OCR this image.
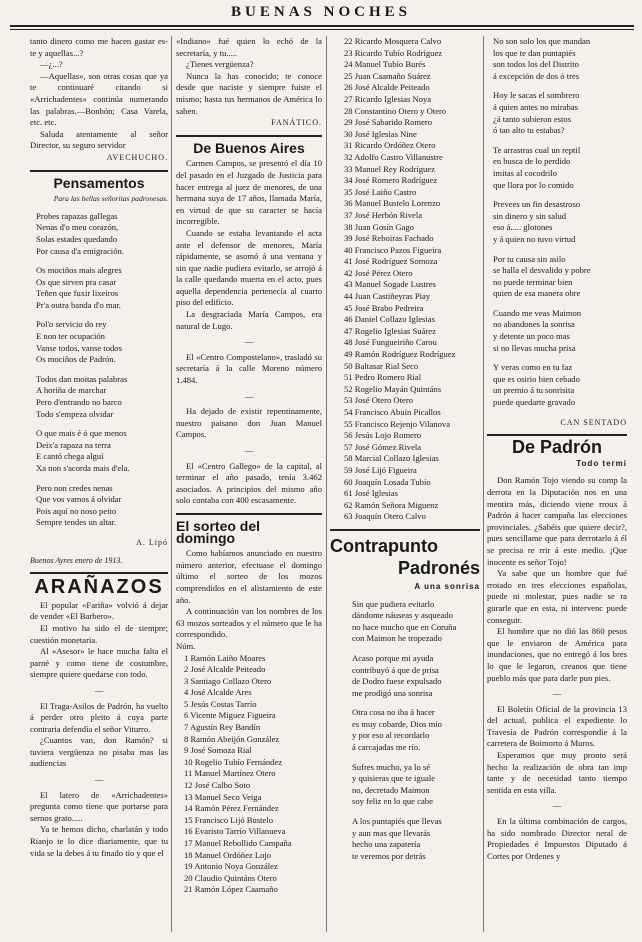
BUENAS NOCHES

tanto dinero como me hacen gastar es-te y aquellas...?

—¿...?

—Aquellas», son otras cosas que ya te continuaré citando si «Arrichadentes» continúa numerando las palabras.—Bonbón; Casa Varela, etc. etc.

Saluda atentamente al señor Director, su seguro servidor

AVECHUCHO.
Pensamentos
Para las bellas señoritas padronesas.
Probes rapazas gallegas
Nenas d'o meu corazón,
Solas estades quedando
Por causa d'a emigración.
Os mociños mais alegres
Os que sirven pra casar
Teñen que fuxir lixeiros
Pr'a outra banda d'o mar.
Pol'o servicio do rey
E non ter ocupación
Vanse todos, vanse todos
Os mociños de Padrón.
Todos dan moitas palabras
A horiña de marchar
Pero d'entrando no barco
Todo s'empeza olvidar
O que mais é ó que menos
Deix'a rapaza na terra
E cantó chega alguí
Xa non s'acorda mais d'ela.
Pero non credes nenas
Que vos vamos á olvidar
Pois aquí no noso peito
Sempre tendes un altar.
A. Lipó
Buenos Ayres enero de 1913.
ARAÑAZOS

El popular «Fariña» volvió á dejar de vender «El Barbero».

El motivo ha sido el de siempre; cuestión monetaria.

Al «Asesor» le hace mucha falta el parné y como tiene de costumbre, siempre quiere quedarse con todo.

—

El Traga-Asilos de Padrón, ha vuelto á perder otro pleito á cuya parte contraria defendía el señor Viturro.

¿Cuantos van, don Ramón? si tuviera vergüenza no pisaba mas las audiencias

—

El latero de «Arrichadentes» pregunta como tiene que portarse para sernos grato.....

Ya te hemos dicho, charlatán y todo Rianjo te lo dice diariamente, que tu vida se la debes á tu finado tío y que el

«Indiano» fué quien lo echó de la secretaría, y tu.....

¿Tienes vergüenza?

Nunca la has conocido; te conoce desde que naciste y siempre fuiste el mismo; hasta tus hermanos de América lo saben.

FANÁTICO.
De Buenos Aires

Carmen Campos, se presentó el día 10 del pasado en el Juzgado de Justicia para hacer entrega al juez de menores, de una hermana suya de 17 años, llamada María, en virtud de que su caracter se hacía incorregible.

Cuando se estaba levantando el acta ante el defensor de menores, María rápidamente, se asomó á una ventana y sin que nadie pudiera evitarlo, se arrojó á la calle quedando muerta en el acto, pues aquella dependencia pertenecía al cuarto piso del edificio.

La desgraciada María Campos, era natural de Lugo.

—

El «Centro Compostelano», trasladó su secretaría á la calle Moreno número 1.484.

—

Ha dejado de existir repentinamente, nuestro paisano don Juan Manuel Campos.

—

El «Centro Gallego» de la capital, al terminar el año pasado, tenía 3.462 asociados. A principios del mismo año solo contaba con 400 escasamente.

El sorteo del domingo

Como habíamos anunciado en nuestro número anterior, efectuase el domingo último el sorteo de los mozos comprendidos en el alistamiento de este año.

A continuación van los nombres de los 63 mozos sorteados y el número que le ha correspondido.

Núm.
1 Ramón Laiño Moares
2 José Alcalde Peiteado
3 Santiago Collazo Otero
4 José Alcalde Ares
5 Jesús Costas Tarrío
6 Vicente Miguez Figueira
7 Agustín Rey Bandín
8 Ramón Abeijón González
9 José Somoza Rial
10 Rogelio Tubío Fernández
11 Manuel Martínez Otero
12 José Calbo Soto
13 Manuel Seco Veiga
14 Ramón Pérez Fernández
15 Francisco Lijó Bustelo
16 Evaristo Tarrío Villanueva
17 Manuel Rebollido Campaña
18 Manuel Ordóñez Lojo
19 Antonio Noya González
20 Claudio Quintáns Otero
21 Ramón López Caamaño
22 Ricardo Mosquera Calvo
23 Ricardo Tubío Rodríguez
24 Manuel Tubío Burés
25 Juan Caamaño Suárez
26 José Alcalde Peiteado
27 Ricardo Iglesias Noya
28 Constantino Otero y Otero
29 José Sabarido Romero
30 José Iglesias Nine
31 Ricardo Ordóñez Otero
32 Adolfo Castro Villanustre
33 Manuel Rey Rodríguez
34 José Romero Rodríguez
35 José Laiño Castro
36 Manuel Bustelo Lorenzo
37 José Herbón Rivela
38 Juan Gosín Gago
39 José Reboiras Fachado
40 Francisco Pazos Figueira
41 José Rodríguez Somoza
42 José Pérez Otero
43 Manuel Sogade Lustres
44 Juan Castiñeyras Piay
45 José Brabo Pedreira
46 Daniel Collazo Iglesias
47 Rogelio Iglesias Suárez
48 José Fungueiriño Carou
49 Ramón Rodríguez Rodríguez
50 Baltasar Rial Seco
51 Pedro Romero Rial
52 Rogelio Mayán Quintáns
53 José Otero Otero
54 Francisco Abuín Picallos
55 Francisco Rejenjo Vilanova
56 Jesús Lojo Romero
57 José Gómez Rivela
58 Marcial Collazo Iglesias
59 José Lijó Figueira
60 Joaquín Losada Tubío
61 José Iglesias
62 Ramón Señora Miguenz
63 Joaquín Otero Calvo
Contrapunto
Padronés
A una sonrisa
Sin que pudiera evitarlo
dándome náuseas y asqueado
no hace mucho que en Coruña
con Maimon he tropezado
Acaso porque mi ayuda
contribuyó á que de prisa
de Dodro fuese expulsado
me prodigó una sonrisa
Otra cosa no iba á hacer
es muy cobarde, Dios mío
y por eso al recordarlo
á carcajadas me río.
Sufres mucho, ya lo sé
y quisieras que te iguale
no, decretado Maimon
soy feliz en lo que cabe
A los puntapiés que llevas
y aun mas que llevarás
hecho una zapatería
te veremos por detrás
No son solo los que mandan
los que te dan puntapiés
son todos los del Distrito
á excepción de dos ó tres
Hoy le sacas el sombrero
á quien antes no mirabas
¿á tanto subieron estos
ó tan alto tu estabas?
Te arrastras cual un reptil
en busca de lo perdido
imitas al cocodrilo
que llora por lo comido
Prevees un fin desastroso
sin dinero y sin salud
eso á..... glotones
y á quien no tuvo virtud
Por tu causa sin asilo
se halla el desvalido y pobre
no puede terminar bien
quien de esa manera obre
Cuando me veas Maimon
no abandones la sonrisa
y detente un poco mas
si no llevas mucha prisa
Y veras como en tu faz
que es osirio bien cebado
un premio á tu sonrisita
puede quedarte gravado
CAN SENTADO
De Padrón
Todo termi

Don Ramón Tojo viendo su comp la derrota en la Diputación nos en una mentira más, diciendo viene rroux á Padrón á hacer campaña las elecciones provinciales. ¿Sabéis que quiere decir?, pues sencillame que para derrotarlo á él se precisa re rrir á este medio. ¡Que inocente es señor Tojo!

Ya sabe que un hombre que fué rrotado en tres elecciones españolas, puede ni molestar, pues nadie se ra gurarle que en esta, ni intervenc puede conseguir.

El hombre que no dió las 860 pesos que le enviaron de América para inundaciones, que no entregó á los bres lo que le legaron, creanos que tiene pueblo más que para darle pun pies.

—

El Boletín Oficial de la provincia 13 del actual, publica el expediente lo Travesía de Padrón correspondie á la carretera de Boimorto á Muros.

Esperamos que muy pronto será hecho la realización de obra tan imp tante y de necesidad tanto tiempo sentida en esta villa.

—

En la última combinación de cargos, ha sido nombrado Director neral de Propiedades é Impuestos Diputado á Cortes por Ordenes y
